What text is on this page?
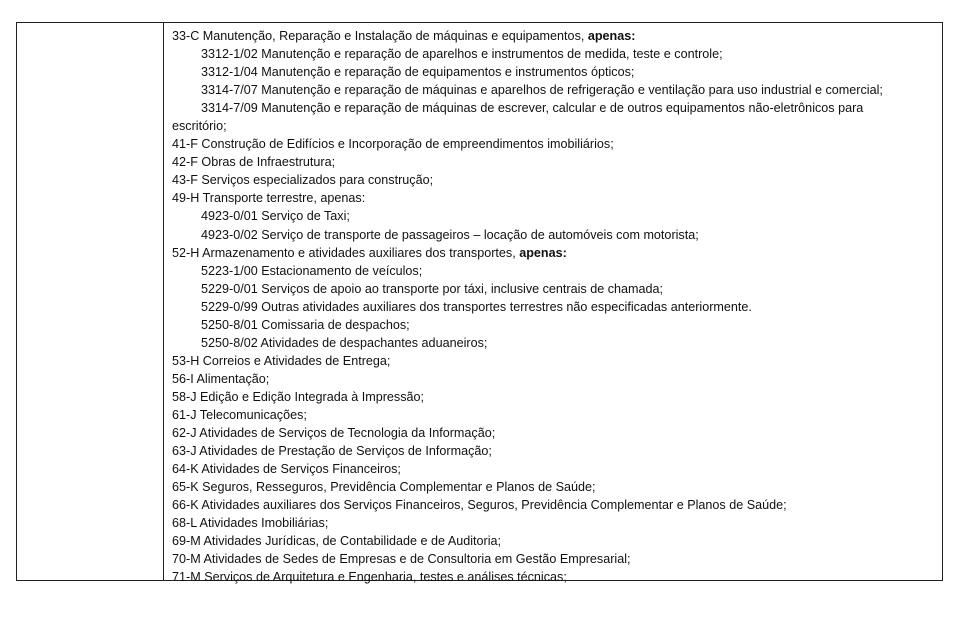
33-C Manutenção, Reparação e Instalação de máquinas e equipamentos, apenas:
3312-1/02 Manutenção e reparação de aparelhos e instrumentos de medida, teste e controle;
3312-1/04 Manutenção e reparação de equipamentos e instrumentos ópticos;
3314-7/07 Manutenção e reparação de máquinas e aparelhos de refrigeração e ventilação para uso industrial e comercial;
3314-7/09 Manutenção e reparação de máquinas de escrever, calcular e de outros equipamentos não-eletrônicos para
escritório;
41-F Construção de Edifícios e Incorporação de empreendimentos imobiliários;
42-F Obras de Infraestrutura;
43-F Serviços especializados para construção;
49-H Transporte terrestre, apenas:
4923-0/01 Serviço de Taxi;
4923-0/02 Serviço de transporte de passageiros – locação de automóveis com motorista;
52-H Armazenamento e atividades auxiliares dos transportes, apenas:
5223-1/00 Estacionamento de veículos;
5229-0/01 Serviços de apoio ao transporte por táxi, inclusive centrais de chamada;
5229-0/99 Outras atividades auxiliares dos transportes terrestres não especificadas anteriormente.
5250-8/01 Comissaria de despachos;
5250-8/02 Atividades de despachantes aduaneiros;
53-H Correios e Atividades de Entrega;
56-I Alimentação;
58-J Edição e Edição Integrada à Impressão;
61-J Telecomunicações;
62-J Atividades de Serviços de Tecnologia da Informação;
63-J Atividades de Prestação de Serviços de Informação;
64-K Atividades de Serviços Financeiros;
65-K Seguros, Resseguros, Previdência Complementar e Planos de Saúde;
66-K Atividades auxiliares dos Serviços Financeiros, Seguros, Previdência Complementar e Planos de Saúde;
68-L Atividades Imobiliárias;
69-M Atividades Jurídicas, de Contabilidade e de Auditoria;
70-M Atividades de Sedes de Empresas e de Consultoria em Gestão Empresarial;
71-M Serviços de Arquitetura e Engenharia, testes e análises técnicas;
